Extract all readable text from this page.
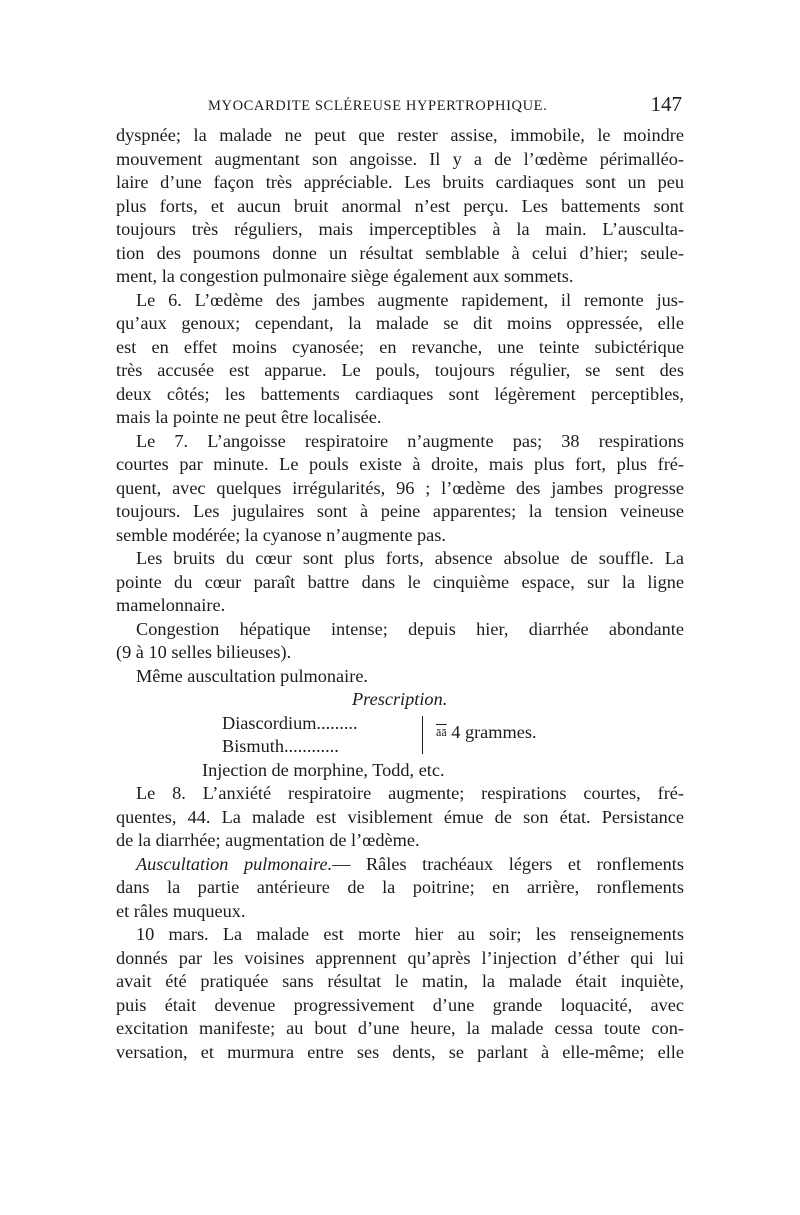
MYOCARDITE SCLÉREUSE HYPERTROPHIQUE.	147
dyspnée; la malade ne peut que rester assise, immobile, le moindre
mouvement augmentant son angoisse. Il y a de l’œdème périmalléo-
laire d’une façon très appréciable. Les bruits cardiaques sont un peu
plus forts, et aucun bruit anormal n’est perçu. Les battements sont
toujours très réguliers, mais imperceptibles à la main. L’ausculta-
tion des poumons donne un résultat semblable à celui d’hier; seule-
ment, la congestion pulmonaire siège également aux sommets.
Le 6. L’œdème des jambes augmente rapidement, il remonte jus-
qu’aux genoux; cependant, la malade se dit moins oppressée, elle
est en effet moins cyanosée; en revanche, une teinte subictérique
très accusée est apparue. Le pouls, toujours régulier, se sent des
deux côtés; les battements cardiaques sont légèrement perceptibles,
mais la pointe ne peut être localisée.
Le 7. L’angoisse respiratoire n’augmente pas; 38 respirations
courtes par minute. Le pouls existe à droite, mais plus fort, plus fré-
quent, avec quelques irrégularités, 96 ; l’œdème des jambes progresse
toujours. Les jugulaires sont à peine apparentes; la tension veineuse
semble modérée; la cyanose n’augmente pas.
Les bruits du cœur sont plus forts, absence absolue de souffle. La
pointe du cœur paraît battre dans le cinquième espace, sur la ligne
mamelonnaire.
Congestion hépatique intense; depuis hier, diarrhée abondante
(9 à 10 selles bilieuses).
Même auscultation pulmonaire.
Prescription.
Diascordium.........
Bismuth............
$\overline{āā}$ 4 grammes.
Injection de morphine, Todd, etc.
Le 8. L’anxiété respiratoire augmente; respirations courtes, fré-
quentes, 44. La malade est visiblement émue de son état. Persistance
de la diarrhée; augmentation de l’œdème.
Auscultation pulmonaire.— Râles trachéaux légers et ronflements
dans la partie antérieure de la poitrine; en arrière, ronflements
et râles muqueux.
10 mars. La malade est morte hier au soir; les renseignements
donnés par les voisines apprennent qu’après l’injection d’éther qui lui
avait été pratiquée sans résultat le matin, la malade était inquiète,
puis était devenue progressivement d’une grande loquacité, avec
excitation manifeste; au bout d’une heure, la malade cessa toute con-
versation, et murmura entre ses dents, se parlant à elle-même; elle
